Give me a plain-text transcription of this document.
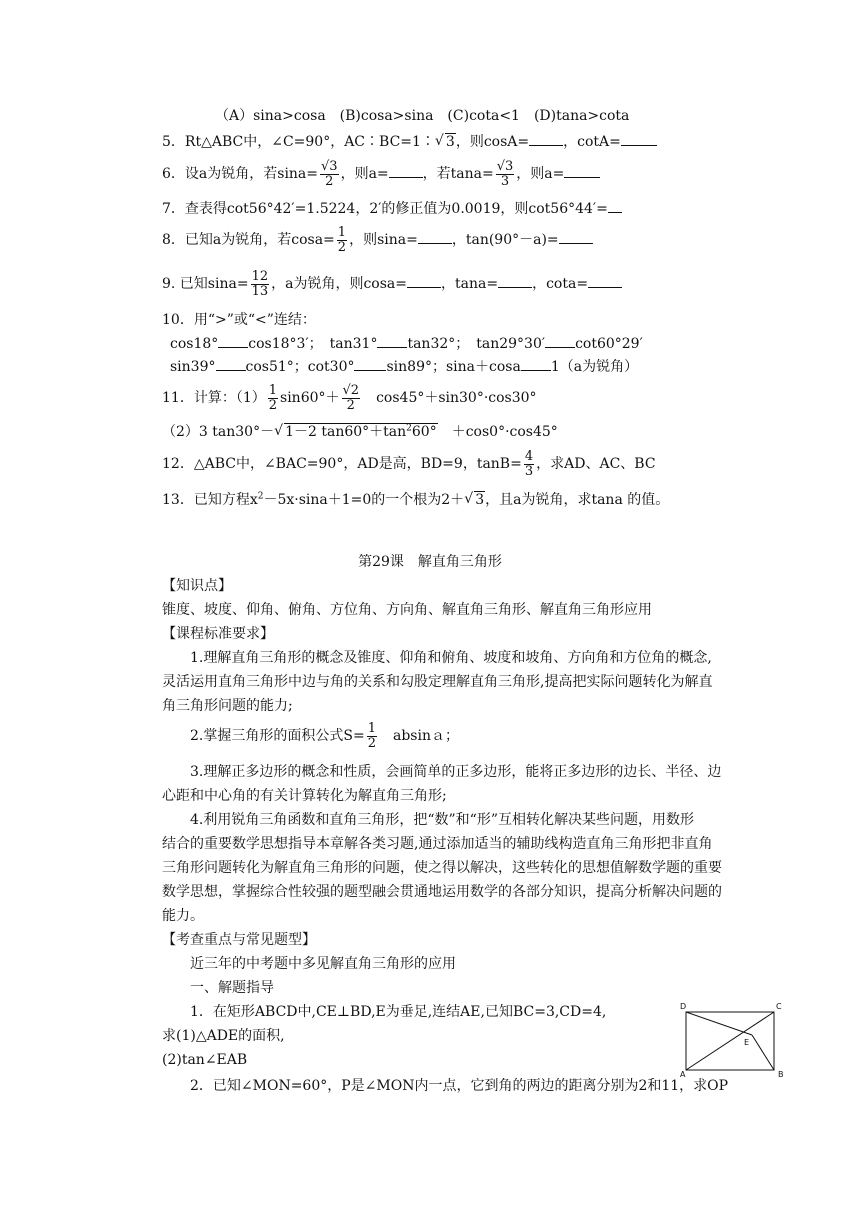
（A）sina>cosa　(B)cosa>sina　(C)cota<1　(D)tana>cota
5．Rt△ABC中，∠C=90°，AC∶BC=1∶ √ 3，则cosA= ，cotA=
6．设a为锐角，若$\sin a= \frac{√3}{2}$ ，则a= ，若$\tan a= \frac{√3}{3}$ ，则a=
7．查表得cot56°42′=1.5224，2′的修正值为0.0019，则cot56°44′=
8．已知a为锐角，若$\cos a= \frac{1}{2}$ ，则sina= ，tan(90°－a)=
9. 已知$\sin a= \frac{12}{13}$ ，a为锐角，则cosa= ，tana= ，cota=
10．用“>”或“<”连结：
cos18° cos18°3′；　tan31° tan32°；　tan29°30′ cot60°29′
sin39° cos51°；cot30° sin89°；sina＋cosa 1（a为锐角）
11．计算：$(1) \frac{1}{2} \sin 60^\circ+ \frac{√2}{2}$
　 cos45°＋sin30°·cos30°
（2）3 tan30°－ √ 1－2 $\tan 60^\circ+\tan^260^\circ$　 ＋cos0°·cos45°
12．△ABC中，∠BAC=90°，AD是高，BD=9，$\tan B= \frac{4}{3}$ ，求AD、AC、BC
13．已知方程$x^2-5x\cdot\sin a+1=0$的一个根为2＋ √ 3，且a为锐角，求tana 的值。
第29课　解直角三角形
【知识点】
锥度、坡度、仰角、俯角、方位角、方向角、解直角三角形、解直角三角形应用
【课程标准要求】
1.理解直角三角形的概念及锥度、仰角和俯角、坡度和坡角、方向角和方位角的概念,
灵活运用直角三角形中边与角的关系和勾股定理解直角三角形,提高把实际问题转化为解直
角三角形问题的能力;
2.掌握三角形的面积公式$S= \frac{1}{2}$
　 absinａ；
3.理解正多边形的概念和性质，会画简单的正多边形，能将正多边形的边长、半径、边
心距和中心角的有关计算转化为解直角三角形;
4.利用锐角三角函数和直角三角形，把“数”和“形”互相转化解决某些问题，用数形
结合的重要数学思想指导本章解各类习题,通过添加适当的辅助线构造直角三角形把非直角
三角形问题转化为解直角三角形的问题，使之得以解决，这些转化的思想值解数学题的重要
数学思想，掌握综合性较强的题型融会贯通地运用数学的各部分知识，提高分析解决问题的
能力。
【考查重点与常见题型】
近三年的中考题中多见解直角三角形的应用
一、解题指导
1．在矩形ABCD中,CE⊥BD,E为垂足,连结AE,已知BC=3,CD=4,
求(1)△ADE的面积,
(2)tan∠EAB
2．已知∠MON=60°，P是∠MON内一点，它到角的两边的距离分别为2和11，求OP
D	C
E
A	B
